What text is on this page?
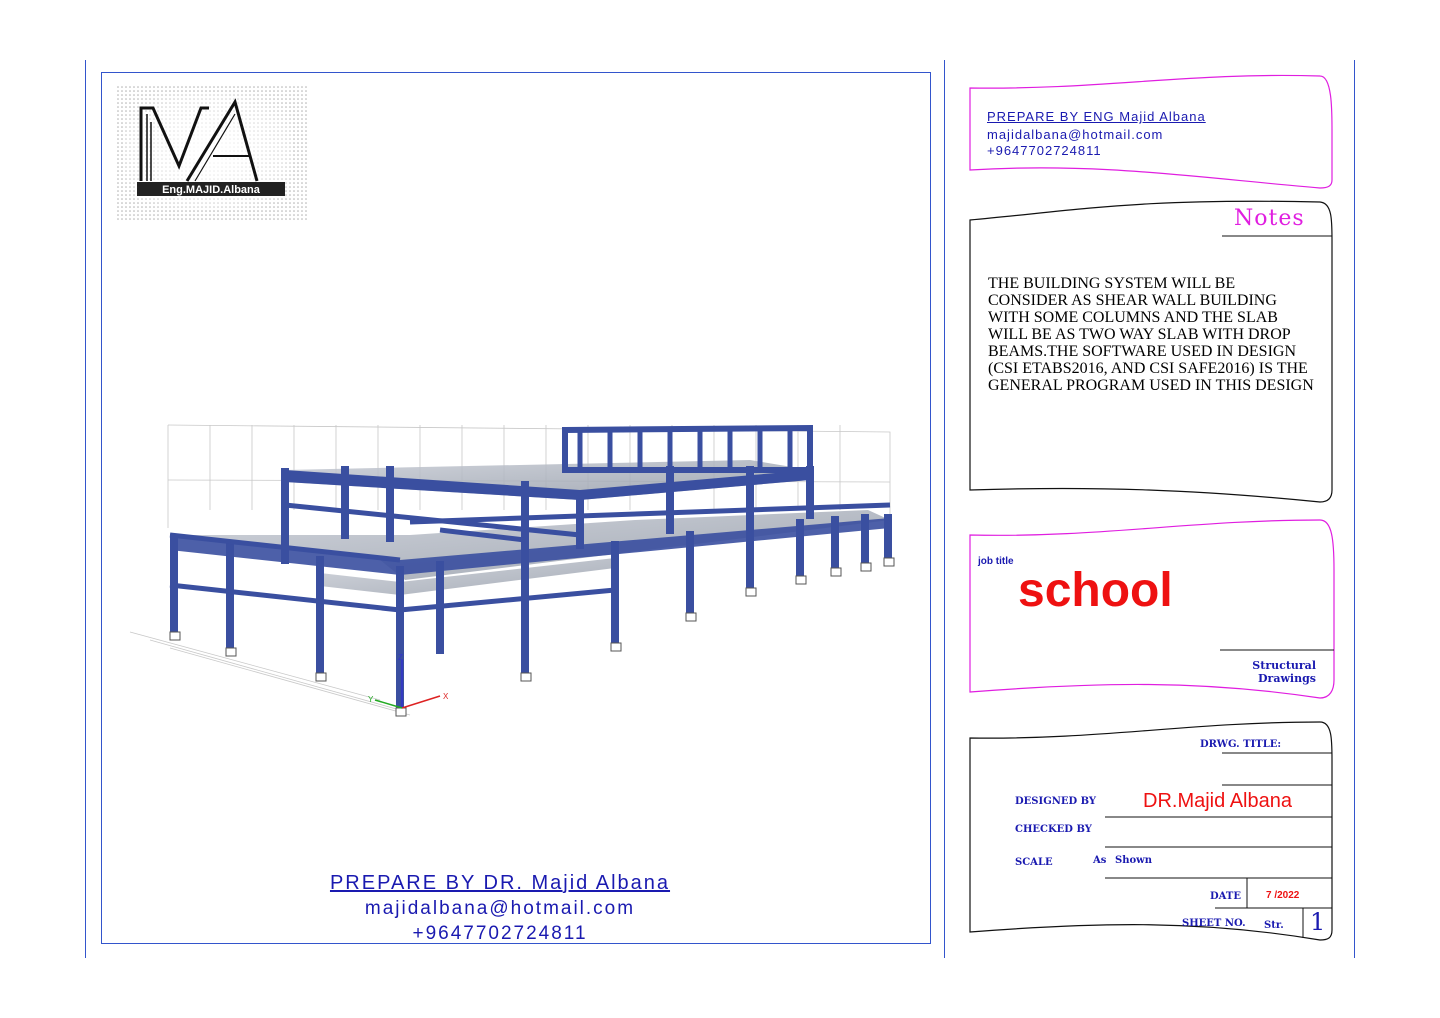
Eng.MAJID.Albana
Z
X
Y
PREPARE BY DR. Majid Albana
majidalbana@hotmail.com
+9647702724811
PREPARE BY ENG Majid Albana
majidalbana@hotmail.com
+9647702724811
Notes
THE BUILDING SYSTEM WILL BE CONSIDER AS SHEAR WALL BUILDING WITH SOME COLUMNS AND THE SLAB WILL BE AS TWO WAY SLAB WITH DROP BEAMS.THE SOFTWARE USED IN DESIGN (CSI ETABS2016, AND CSI SAFE2016) IS THE GENERAL PROGRAM USED IN THIS DESIGN
job title
school
Structural
Drawings
DRWG. TITLE:
DESIGNED BY DR.Majid Albana
CHECKED BY
SCALE	As Shown
DATE	7 /2022
SHEET NO. Str. 1
